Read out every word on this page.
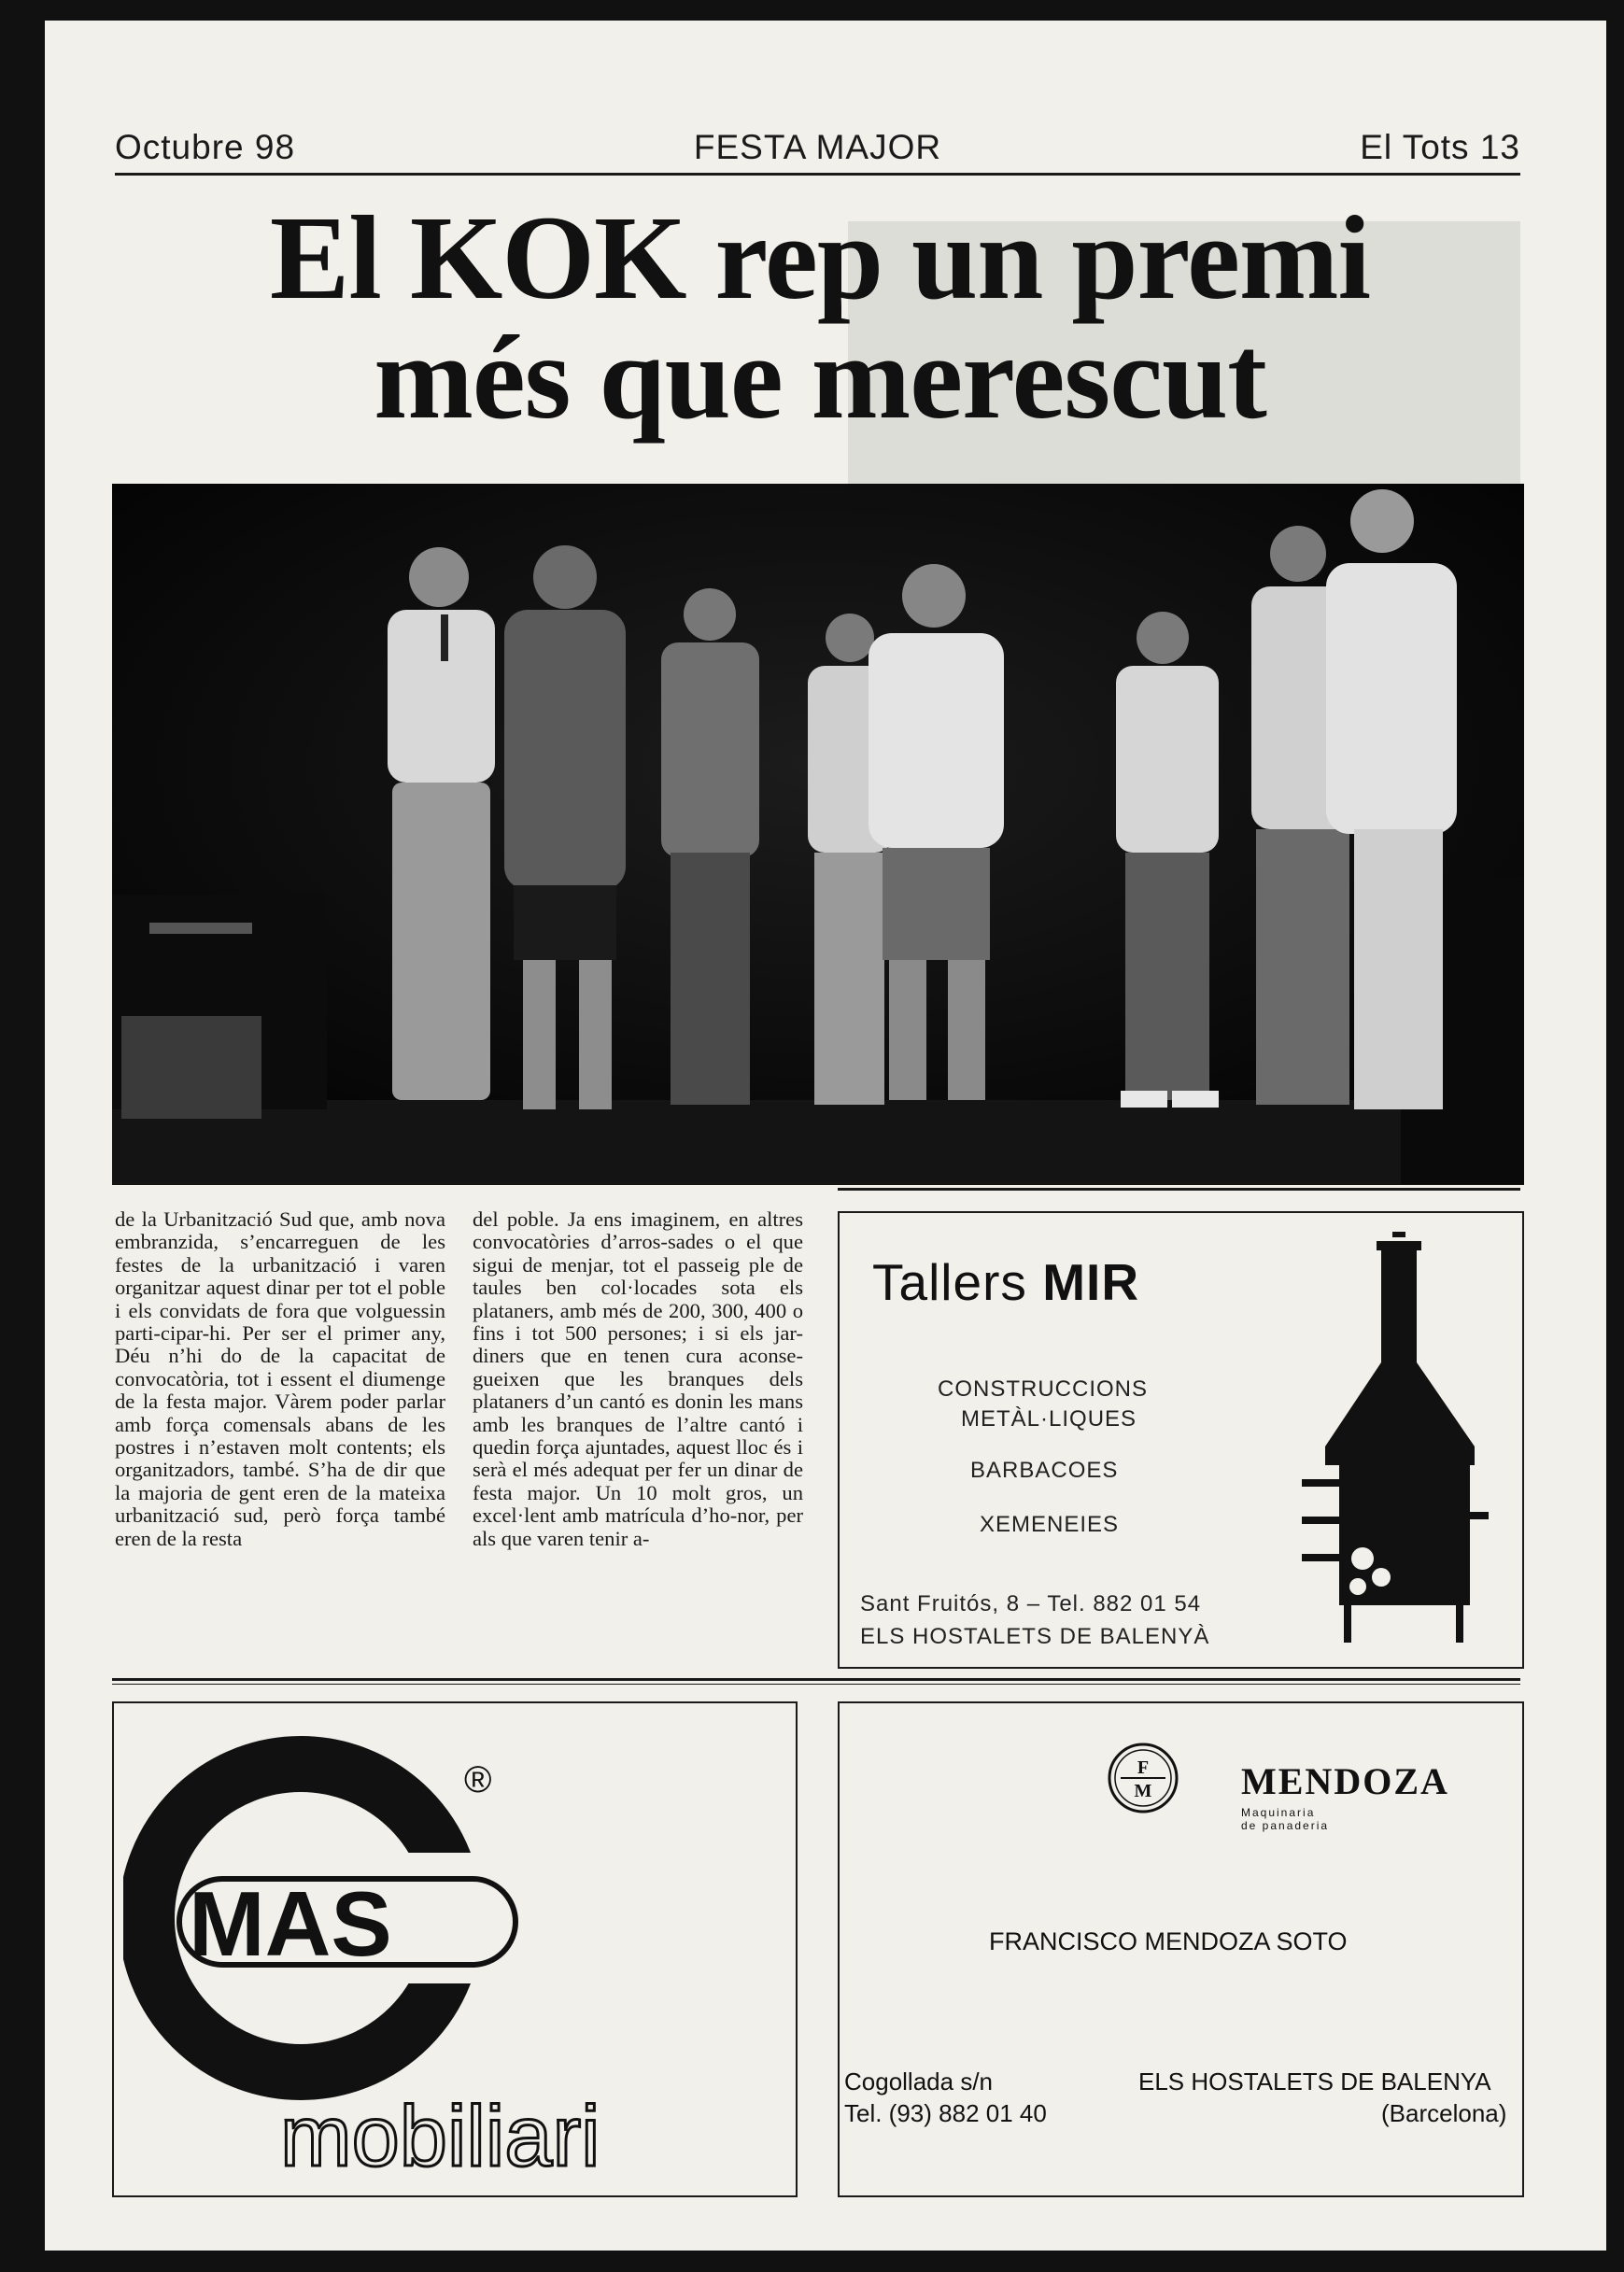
Octubre 98	FESTA MAJOR	El Tots 13
El KOK rep un premi
més que merescut
de la Urbanització Sud que, amb nova embranzida, s’encarreguen de les festes de la urbanització i varen organitzar aquest dinar per tot el poble i els convidats de fora que volguessin parti-cipar-hi. Per ser el primer any, Déu n’hi do de la capacitat de convocatòria, tot i essent el diumenge de la festa major. Vàrem poder parlar amb força comensals abans de les postres i n’estaven molt contents; els organitzadors, també. S’ha de dir que la majoria de gent eren de la mateixa urbanització sud, però força també eren de la resta
del poble. Ja ens imaginem, en altres convocatòries d’arros-sades o el que sigui de menjar, tot el passeig ple de taules ben col·locades sota els plataners, amb més de 200, 300, 400 o fins i tot 500 persones; i si els jar-diners que en tenen cura aconse-gueixen que les branques dels plataners d’un cantó es donin les mans amb les branques de l’altre cantó i quedin força ajuntades, aquest lloc és i serà el més adequat per fer un dinar de festa major. Un 10 molt gros, un excel·lent amb matrícula d’ho-nor, per als que varen tenir a-
Tallers MIR
CONSTRUCCIONS
METÀL·LIQUES
BARBACOES
XEMENEIES
Sant Fruitós, 8 – Tel. 882 01 54
ELS HOSTALETS DE BALENYÀ
MAS
mobiliari
®	F
M MENDOZA
Maquinaria
de panaderia
FRANCISCO MENDOZA SOTO
Cogollada s/n
Tel. (93) 882 01 40
ELS HOSTALETS DE BALENYA
(Barcelona)
